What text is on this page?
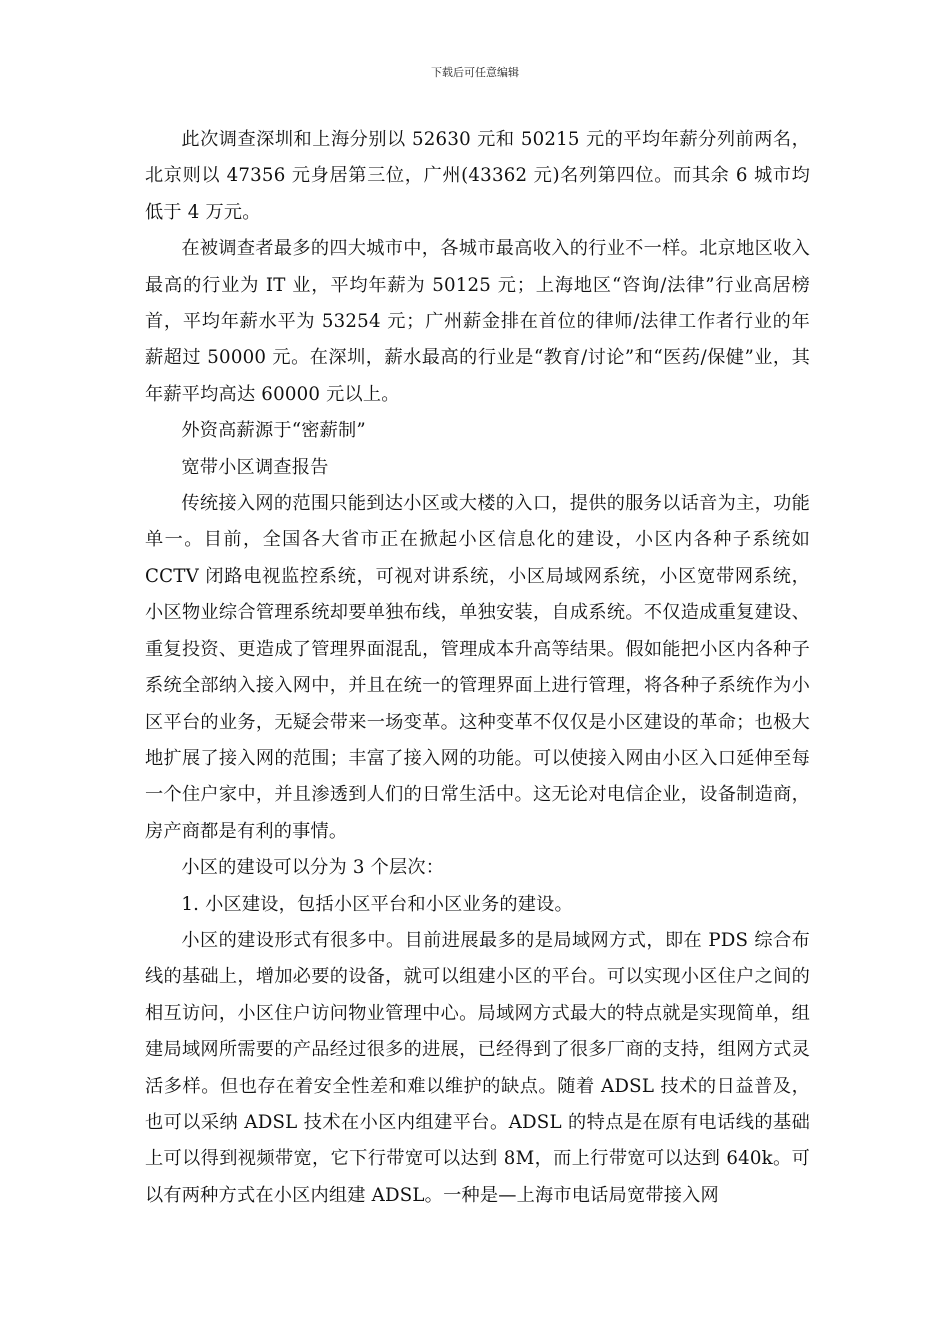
下载后可任意编辑

此次调查深圳和上海分别以 52630 元和 50215 元的平均年薪分列前两名，北京则以 47356 元身居第三位，广州(43362 元)名列第四位。而其余 6 城市均低于 4 万元。

在被调查者最多的四大城市中，各城市最高收入的行业不一样。北京地区收入最高的行业为 IT 业，平均年薪为 50125 元；上海地区“咨询/法律”行业高居榜首，平均年薪水平为 53254 元；广州薪金排在首位的律师/法律工作者行业的年薪超过 50000 元。在深圳，薪水最高的行业是“教育/讨论”和“医药/保健”业，其年薪平均高达 60000 元以上。

外资高薪源于“密薪制”

宽带小区调查报告

传统接入网的范围只能到达小区或大楼的入口，提供的服务以话音为主，功能单一。目前，全国各大省市正在掀起小区信息化的建设，小区内各种子系统如 CCTV 闭路电视监控系统，可视对讲系统，小区局域网系统，小区宽带网系统，小区物业综合管理系统却要单独布线，单独安装，自成系统。不仅造成重复建设、重复投资、更造成了管理界面混乱，管理成本升高等结果。假如能把小区内各种子系统全部纳入接入网中，并且在统一的管理界面上进行管理，将各种子系统作为小区平台的业务，无疑会带来一场变革。这种变革不仅仅是小区建设的革命；也极大地扩展了接入网的范围；丰富了接入网的功能。可以使接入网由小区入口延伸至每一个住户家中，并且渗透到人们的日常生活中。这无论对电信企业，设备制造商，房产商都是有利的事情。

小区的建设可以分为 3 个层次：

1. 小区建设，包括小区平台和小区业务的建设。

小区的建设形式有很多中。目前进展最多的是局域网方式，即在 PDS 综合布线的基础上，增加必要的设备，就可以组建小区的平台。可以实现小区住户之间的相互访问，小区住户访问物业管理中心。局域网方式最大的特点就是实现简单，组建局域网所需要的产品经过很多的进展，已经得到了很多厂商的支持，组网方式灵活多样。但也存在着安全性差和难以维护的缺点。随着 ADSL 技术的日益普及，也可以采纳 ADSL 技术在小区内组建平台。ADSL 的特点是在原有电话线的基础上可以得到视频带宽，它下行带宽可以达到 8M，而上行带宽可以达到 640k。可以有两种方式在小区内组建 ADSL。一种是—上海市电话局宽带接入网
